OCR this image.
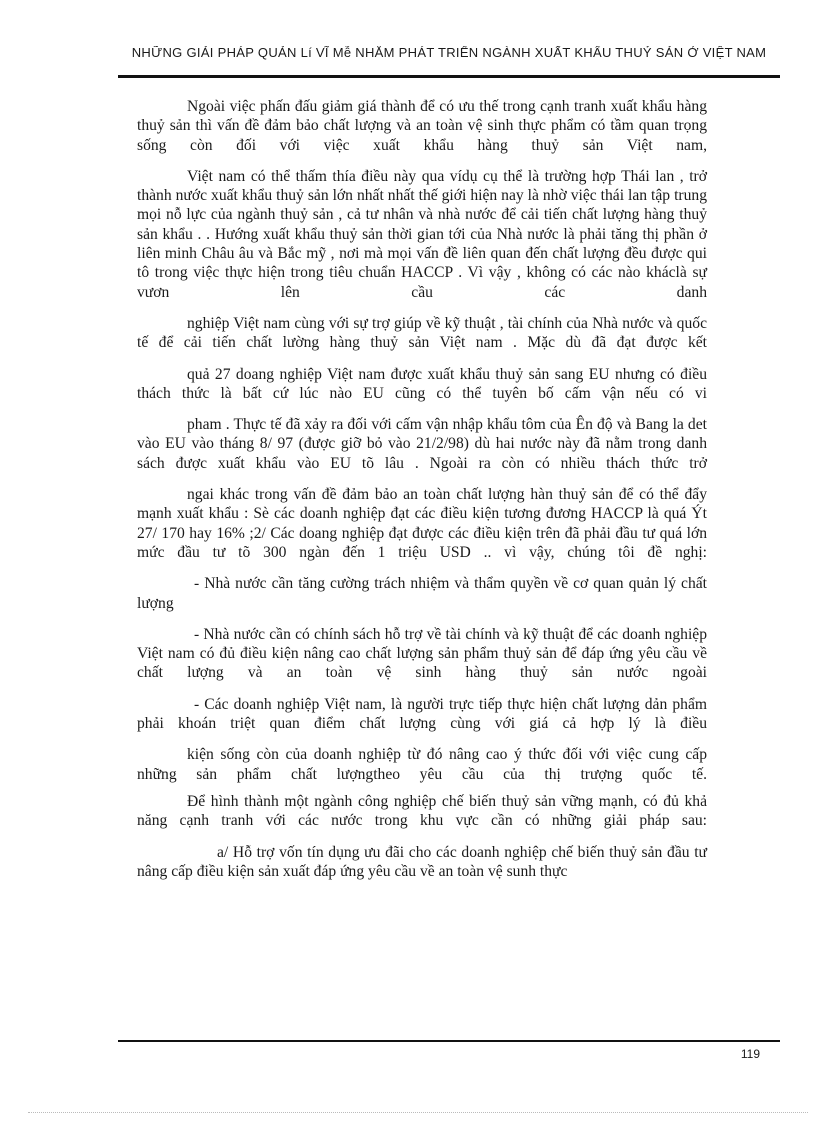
NHỮNG GIẢI PHÁP QUẢN Lí VĨ Mễ NHẰM PHÁT TRIỂN NGÀNH XUẤT KHẨU THUỶ SẢN Ở VIỆT NAM

Ngoài việc phấn đấu giảm giá thành để có ưu thế trong cạnh tranh xuất khẩu hàng thuỷ sản thì vấn đề đảm bảo chất lượng và an toàn vệ sinh thực phẩm có tầm quan trọng sống còn đối với việc xuất khẩu hàng thuỷ sản Việt nam,

Việt nam có thể thấm thía điều này qua vídụ cụ thể là trường hợp Thái lan , trở thành nước xuất khẩu thuỷ sản lớn nhất nhất thế giới hiện nay là nhờ việc thái lan tập trung mọi nỗ lực của ngành thuỷ sản , cả tư nhân và nhà nước để cải tiến chất lượng hàng thuỷ sản khẩu . . Hướng xuất khẩu thuỷ sản thời gian tới của Nhà nước là phải tăng thị phần ở liên minh Châu âu và Bắc mỹ , nơi mà mọi vấn đề liên quan đến chất lượng đều được qui tô trong việc thực hiện trong tiêu chuẩn HACCP . Vì vậy , không có các nào kháclà sự vươn lên cầu các danh

nghiệp Việt nam cùng với sự trợ giúp về kỹ thuật , tài chính của Nhà nước và quốc tế để cải tiến chất lường hàng thuỷ sản Việt nam . Mặc dù đã đạt được kết

quả 27 doang nghiệp Việt nam được xuất khẩu thuỷ sản sang EU nhưng có điều thách thức là bất cứ lúc nào EU cũng có thể tuyên bố cấm vận nếu có vi

pham . Thực tế đã xảy ra đối với cấm vận nhập khẩu tôm của Ên độ và Bang la det vào EU vào tháng 8/ 97 (được giỡ bỏ vào 21/2/98) dù hai nước này đã nằm trong danh sách được xuất khẩu vào EU tõ lâu . Ngoài ra còn có nhiều thách thức trở

ngai khác trong vấn đề đảm bảo an toàn chất lượng hàn thuỷ sản để có thể đẩy mạnh xuất khẩu : Sè các doanh nghiệp đạt các điều kiện tương đương HACCP là quá Ýt 27/ 170 hay 16% ;2/ Các doang nghiệp đạt được các điều kiện trên đã phải đầu tư quá lớn mức đầu tư tõ 300 ngàn đến 1 triệu USD .. vì vậy, chúng tôi đề nghị:

- Nhà nước cần tăng cường trách nhiệm và thẩm quyền về cơ quan quản lý chất lượng

- Nhà nước cần có chính sách hỗ trợ về tài chính và kỹ thuật để các doanh nghiệp Việt nam có đủ điều kiện nâng cao chất lượng sản phẩm thuỷ sản để đáp ứng yêu cầu về chất lượng và an toàn vệ sinh hàng thuỷ sản nước ngoài

- Các doanh nghiệp Việt nam, là người trực tiếp thực hiện chất lượng dản phẩm phải khoán triệt quan điểm chất lượng cùng với giá cả hợp lý là điều

kiện sống còn của doanh nghiệp từ đó nâng cao ý thức đối với việc cung cấp những sản phẩm chất lượngtheo yêu cầu của thị trượng quốc tế.

Để hình thành một ngành công nghiệp chế biến thuỷ sản vững mạnh, có đủ khả năng cạnh tranh với các nước trong khu vực cần có những giải pháp sau:

a/ Hỗ trợ vốn tín dụng ưu đãi cho các doanh nghiệp chế biến thuỷ sản đầu tư nâng cấp điều kiện sản xuất đáp ứng yêu cầu về an toàn vệ sunh thực

119
